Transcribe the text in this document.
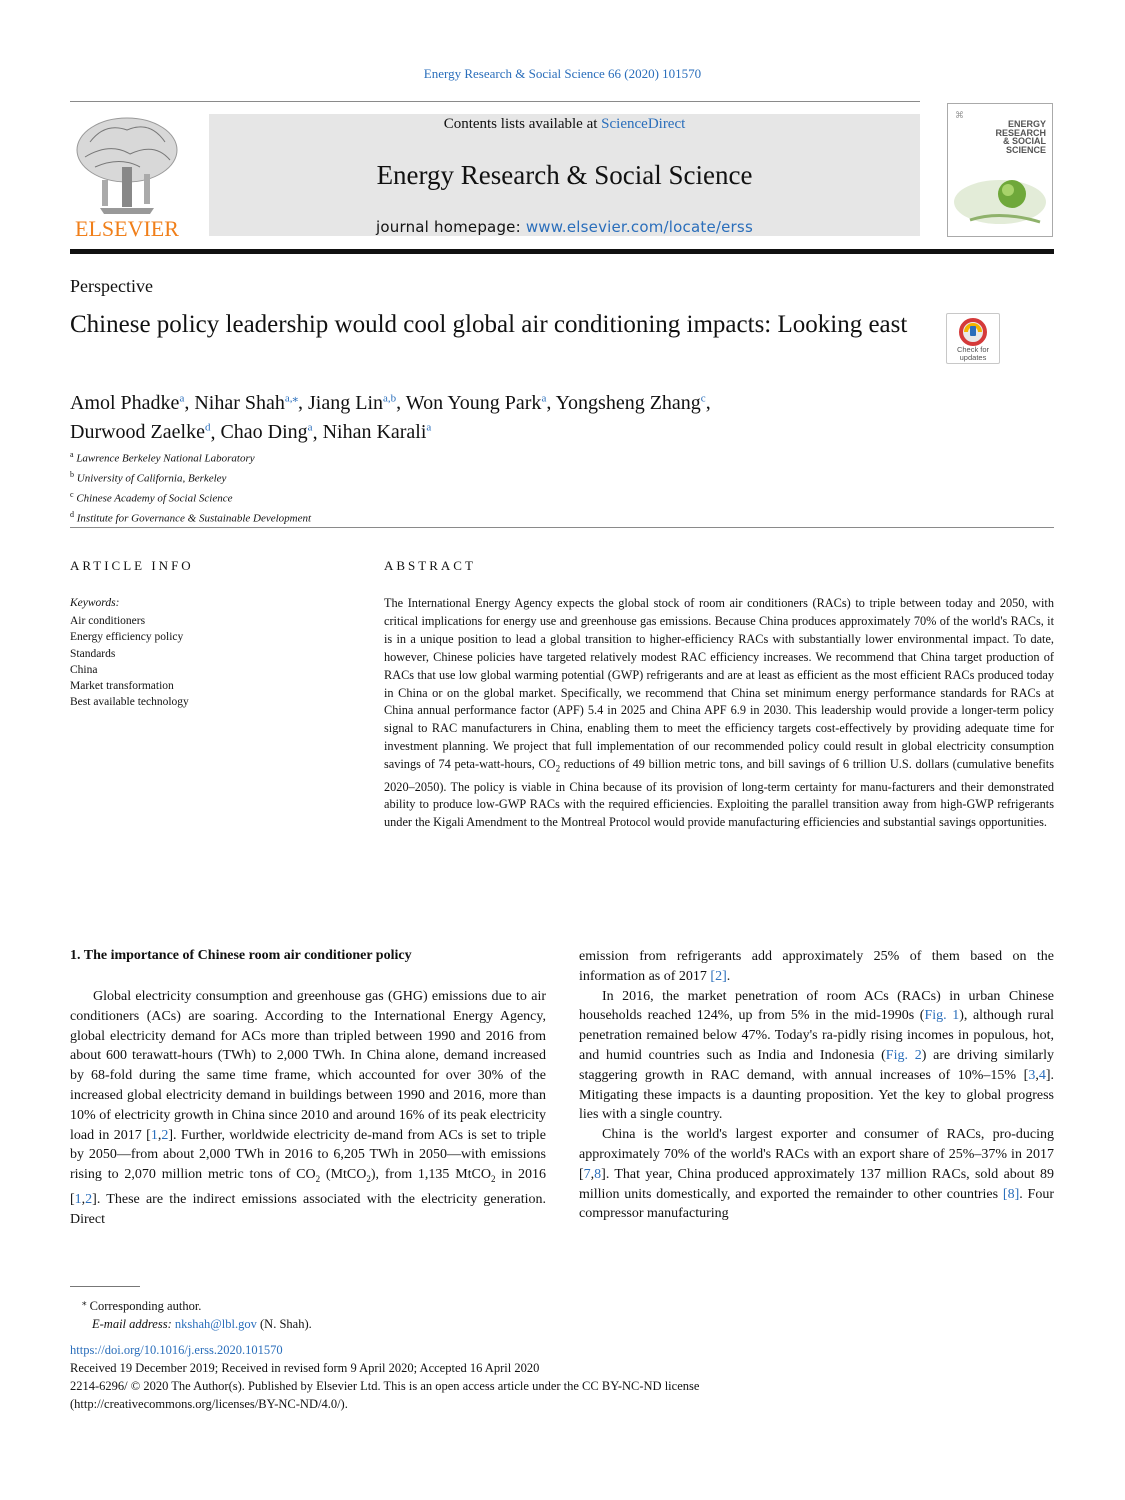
Energy Research & Social Science 66 (2020) 101570
ELSEVIER
Contents lists available at ScienceDirect
Energy Research & Social Science
journal homepage: www.elsevier.com/locate/erss
⌘
ENERGY
RESEARCH
& SOCIAL
SCIENCE
Perspective
Chinese policy leadership would cool global air conditioning impacts: Looking east
Check for
updates
Amol Phadke$^a$, Nihar Shah$^{a,⁎}$, Jiang Lin$^{a,b}$, Won Young Park$^a$, Yongsheng Zhang$^c$,
Durwood Zaelke$^d$, Chao Ding$^a$, Nihan Karali$^a$
$^a$ Lawrence Berkeley National Laboratory
$^b$ University of California, Berkeley
$^c$ Chinese Academy of Social Science
$^d$ Institute for Governance & Sustainable Development
ARTICLE INFO	ABSTRACT
Keywords:
Air conditioners
Energy efficiency policy
Standards
China
Market transformation
Best available technology
The International Energy Agency expects the global stock of room air conditioners (RACs) to triple between today and 2050, with critical implications for energy use and greenhouse gas emissions. Because China produces approximately 70% of the world's RACs, it is in a unique position to lead a global transition to higher-efficiency RACs with substantially lower environmental impact. To date, however, Chinese policies have targeted relatively modest RAC efficiency increases. We recommend that China target production of RACs that use low global warming potential (GWP) refrigerants and are at least as efficient as the most efficient RACs produced today in China or on the global market. Specifically, we recommend that China set minimum energy performance standards for RACs at China annual performance factor (APF) 5.4 in 2025 and China APF 6.9 in 2030. This leadership would provide a longer-term policy signal to RAC manufacturers in China, enabling them to meet the efficiency targets cost-effectively by providing adequate time for investment planning. We project that full implementation of our recommended policy could result in global electricity consumption savings of 74 peta-watt-hours, $CO_2$ reductions of 49 billion metric tons, and bill savings of 6 trillion U.S. dollars (cumulative benefits 2020–2050). The policy is viable in China because of its provision of long-term certainty for manu-facturers and their demonstrated ability to produce low-GWP RACs with the required efficiencies. Exploiting the parallel transition away from high-GWP refrigerants under the Kigali Amendment to the Montreal Protocol would provide manufacturing efficiencies and substantial savings opportunities.
1. The importance of Chinese room air conditioner policy

Global electricity consumption and greenhouse gas (GHG) emissions due to air conditioners (ACs) are soaring. According to the International Energy Agency, global electricity demand for ACs more than tripled between 1990 and 2016 from about 600 terawatt-hours (TWh) to 2,000 TWh. In China alone, demand increased by 68-fold during the same time frame, which accounted for over 30% of the increased global electricity demand in buildings between 1990 and 2016, more than 10% of electricity growth in China since 2010 and around 16% of its peak electricity load in 2017 [1,2]. Further, worldwide electricity de-mand from ACs is set to triple by 2050—from about 2,000 TWh in 2016 to 6,205 TWh in 2050—with emissions rising to 2,070 million metric tons of $CO_2$ (MtCO$_2$), from 1,135 MtCO$_2$ in 2016 [1,2]. These are the indirect emissions associated with the electricity generation. Direct

emission from refrigerants add approximately 25% of them based on the information as of 2017 [2].

In 2016, the market penetration of room ACs (RACs) in urban Chinese households reached 124%, up from 5% in the mid-1990s (Fig. 1), although rural penetration remained below 47%. Today's ra-pidly rising incomes in populous, hot, and humid countries such as India and Indonesia (Fig. 2) are driving similarly staggering growth in RAC demand, with annual increases of 10%–15% [3,4]. Mitigating these impacts is a daunting proposition. Yet the key to global progress lies with a single country.

China is the world's largest exporter and consumer of RACs, pro-ducing approximately 70% of the world's RACs with an export share of 25%–37% in 2017 [7,8]. That year, China produced approximately 137 million RACs, sold about 89 million units domestically, and exported the remainder to other countries [8]. Four compressor manufacturing

⁎ Corresponding author.
E-mail address: nkshah@lbl.gov (N. Shah).
https://doi.org/10.1016/j.erss.2020.101570
Received 19 December 2019; Received in revised form 9 April 2020; Accepted 16 April 2020
2214-6296/ © 2020 The Author(s). Published by Elsevier Ltd. This is an open access article under the CC BY-NC-ND license
(http://creativecommons.org/licenses/BY-NC-ND/4.0/).
